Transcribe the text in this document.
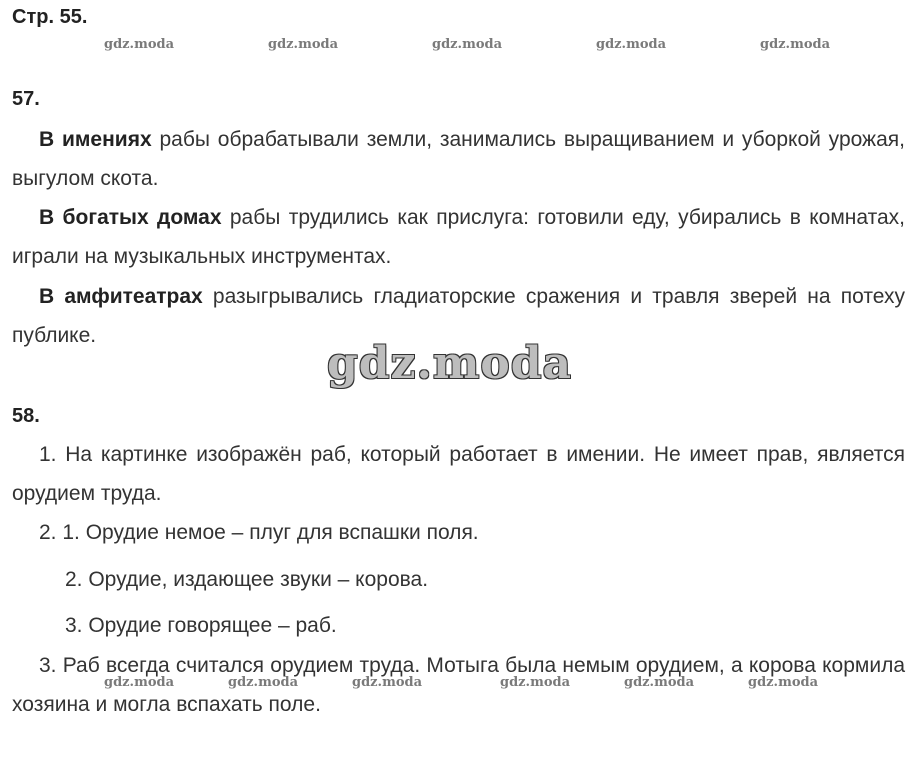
Стр. 55.
gdz.moda	gdz.moda	gdz.moda	gdz.moda	gdz.moda
57.
В имениях рабы обрабатывали земли, занимались выращиванием и уборкой урожая, выгулом скота.
В богатых домах рабы трудились как прислуга: готовили еду, убирались в комнатах, играли на музыкальных инструментах.
В амфитеатрах разыгрывались гладиаторские сражения и травля зверей на потеху публике.
gdz.moda
58.
1. На картинке изображён раб, который работает в имении. Не имеет прав, является орудием труда.
2. 1. Орудие немое – плуг для вспашки поля.
2. Орудие, издающее звуки – корова.
3. Орудие говорящее – раб.
3. Раб всегда считался орудием труда. Мотыга была немым орудием, а корова кормила хозяина и могла вспахать поле.
gdz.moda	gdz.moda	gdz.moda	gdz.moda	gdz.moda	gdz.moda
